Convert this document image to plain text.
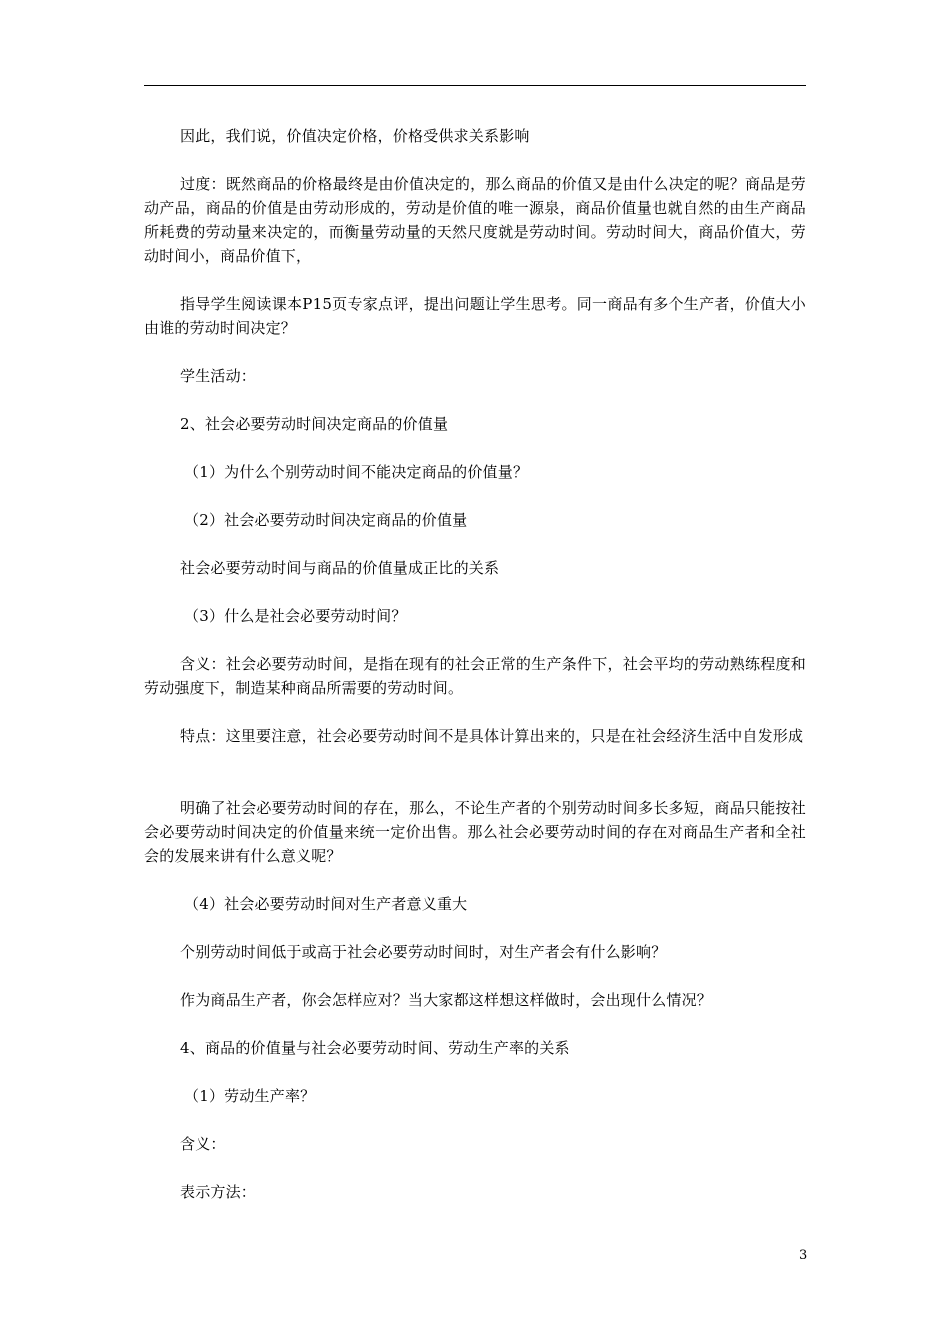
因此，我们说，价值决定价格，价格受供求关系影响

过度：既然商品的价格最终是由价值决定的，那么商品的价值又是由什么决定的呢？商品是劳动产品，商品的价值是由劳动形成的，劳动是价值的唯一源泉，商品价值量也就自然的由生产商品所耗费的劳动量来决定的，而衡量劳动量的天然尺度就是劳动时间。劳动时间大，商品价值大，劳动时间小，商品价值下，

指导学生阅读课本P15页专家点评，提出问题让学生思考。同一商品有多个生产者，价值大小由谁的劳动时间决定？

学生活动：

2、社会必要劳动时间决定商品的价值量

（1）为什么个别劳动时间不能决定商品的价值量？

（2）社会必要劳动时间决定商品的价值量

社会必要劳动时间与商品的价值量成正比的关系

（3）什么是社会必要劳动时间？

含义：社会必要劳动时间，是指在现有的社会正常的生产条件下，社会平均的劳动熟练程度和劳动强度下，制造某种商品所需要的劳动时间。

特点：这里要注意，社会必要劳动时间不是具体计算出来的，只是在社会经济生活中自发形成

明确了社会必要劳动时间的存在，那么，不论生产者的个别劳动时间多长多短，商品只能按社会必要劳动时间决定的价值量来统一定价出售。那么社会必要劳动时间的存在对商品生产者和全社会的发展来讲有什么意义呢？

（4）社会必要劳动时间对生产者意义重大

个别劳动时间低于或高于社会必要劳动时间时，对生产者会有什么影响？

作为商品生产者，你会怎样应对？当大家都这样想这样做时，会出现什么情况？

4、商品的价值量与社会必要劳动时间、劳动生产率的关系

（1）劳动生产率？

含义：

表示方法：

3
